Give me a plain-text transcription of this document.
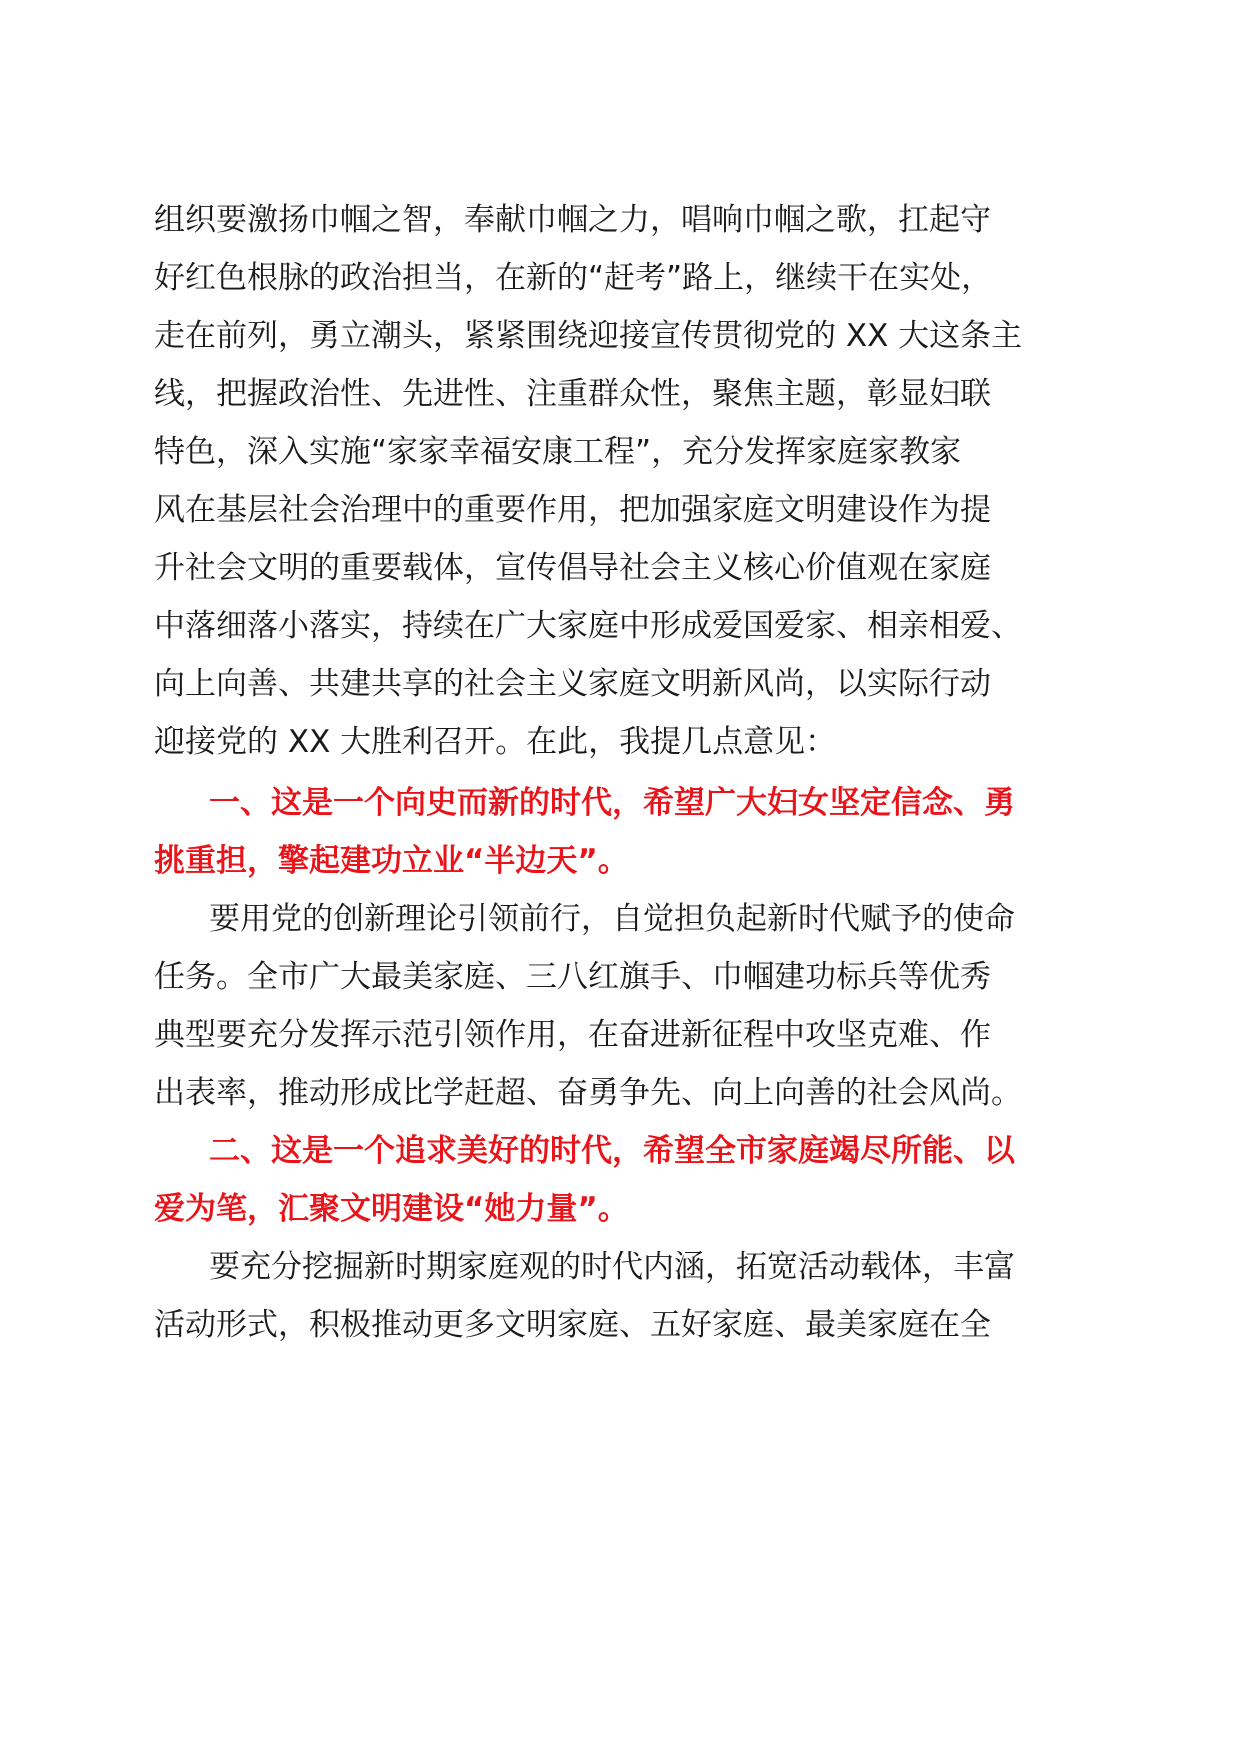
组织要激扬巾帼之智，奉献巾帼之力，唱响巾帼之歌，扛起守
好红色根脉的政治担当，在新的“赶考”路上，继续干在实处，
走在前列，勇立潮头，紧紧围绕迎接宣传贯彻党的 XX 大这条主
线，把握政治性、先进性、注重群众性，聚焦主题，彰显妇联
特色，深入实施“家家幸福安康工程”，充分发挥家庭家教家
风在基层社会治理中的重要作用，把加强家庭文明建设作为提
升社会文明的重要载体，宣传倡导社会主义核心价值观在家庭
中落细落小落实，持续在广大家庭中形成爱国爱家、相亲相爱、
向上向善、共建共享的社会主义家庭文明新风尚，以实际行动
迎接党的 XX 大胜利召开。在此，我提几点意见：
一、这是一个向史而新的时代，希望广大妇女坚定信念、勇
挑重担，擎起建功立业“半边天”。
要用党的创新理论引领前行，自觉担负起新时代赋予的使命
任务。全市广大最美家庭、三八红旗手、巾帼建功标兵等优秀
典型要充分发挥示范引领作用，在奋进新征程中攻坚克难、作
出表率，推动形成比学赶超、奋勇争先、向上向善的社会风尚。
二、这是一个追求美好的时代，希望全市家庭竭尽所能、以
爱为笔，汇聚文明建设“她力量”。
要充分挖掘新时期家庭观的时代内涵，拓宽活动载体，丰富
活动形式，积极推动更多文明家庭、五好家庭、最美家庭在全
